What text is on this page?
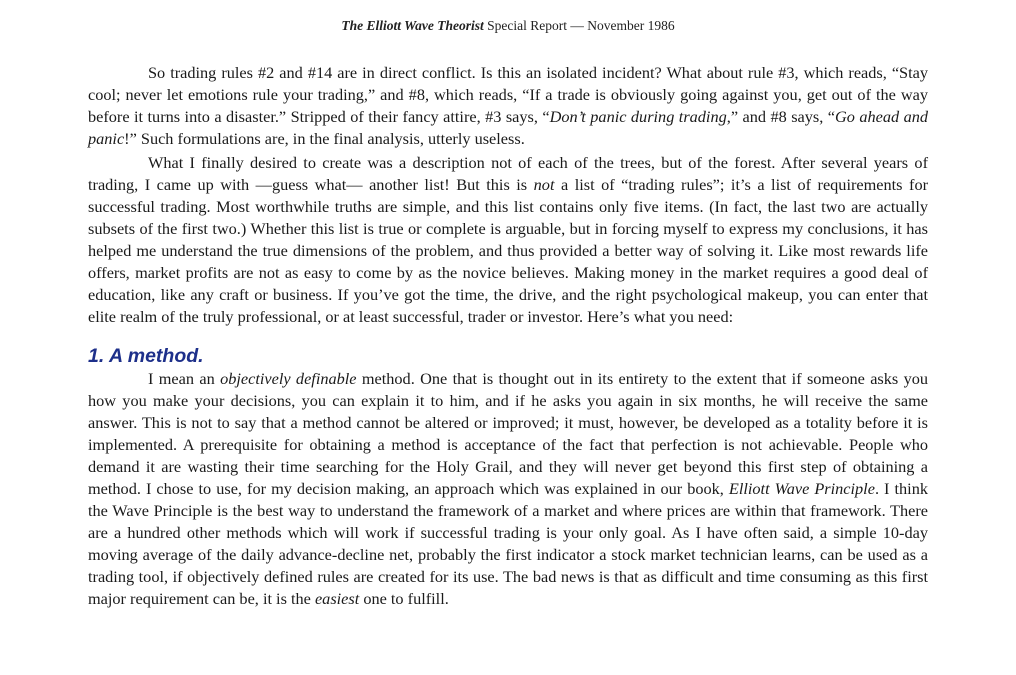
The Elliott Wave Theorist Special Report — November 1986

So trading rules #2 and #14 are in direct conflict. Is this an isolated incident? What about rule #3, which reads, “Stay cool; never let emotions rule your trading,” and #8, which reads, “If a trade is obviously going against you, get out of the way before it turns into a disaster.” Stripped of their fancy attire, #3 says, “Don’t panic during trading,” and #8 says, “Go ahead and panic!” Such formulations are, in the final analysis, utterly useless.

What I finally desired to create was a description not of each of the trees, but of the forest. After several years of trading, I came up with —guess what— another list! But this is not a list of “trading rules”; it’s a list of requirements for successful trading. Most worthwhile truths are simple, and this list contains only five items. (In fact, the last two are actually subsets of the first two.) Whether this list is true or complete is arguable, but in forcing myself to express my conclusions, it has helped me understand the true dimensions of the problem, and thus provided a better way of solving it. Like most rewards life offers, market profits are not as easy to come by as the novice believes. Making money in the market requires a good deal of education, like any craft or business. If you’ve got the time, the drive, and the right psychological makeup, you can enter that elite realm of the truly professional, or at least successful, trader or investor. Here’s what you need:

1. A method.

I mean an objectively definable method. One that is thought out in its entirety to the extent that if someone asks you how you make your decisions, you can explain it to him, and if he asks you again in six months, he will receive the same answer. This is not to say that a method cannot be altered or improved; it must, however, be developed as a totality before it is implemented. A prerequisite for obtaining a method is acceptance of the fact that perfection is not achievable. People who demand it are wasting their time searching for the Holy Grail, and they will never get beyond this first step of obtaining a method. I chose to use, for my decision making, an approach which was explained in our book, Elliott Wave Principle. I think the Wave Principle is the best way to understand the framework of a market and where prices are within that framework. There are a hundred other methods which will work if successful trading is your only goal. As I have often said, a simple 10-day moving average of the daily advance-decline net, probably the first indicator a stock market technician learns, can be used as a trading tool, if objectively defined rules are created for its use. The bad news is that as difficult and time consuming as this first major requirement can be, it is the easiest one to fulfill.
